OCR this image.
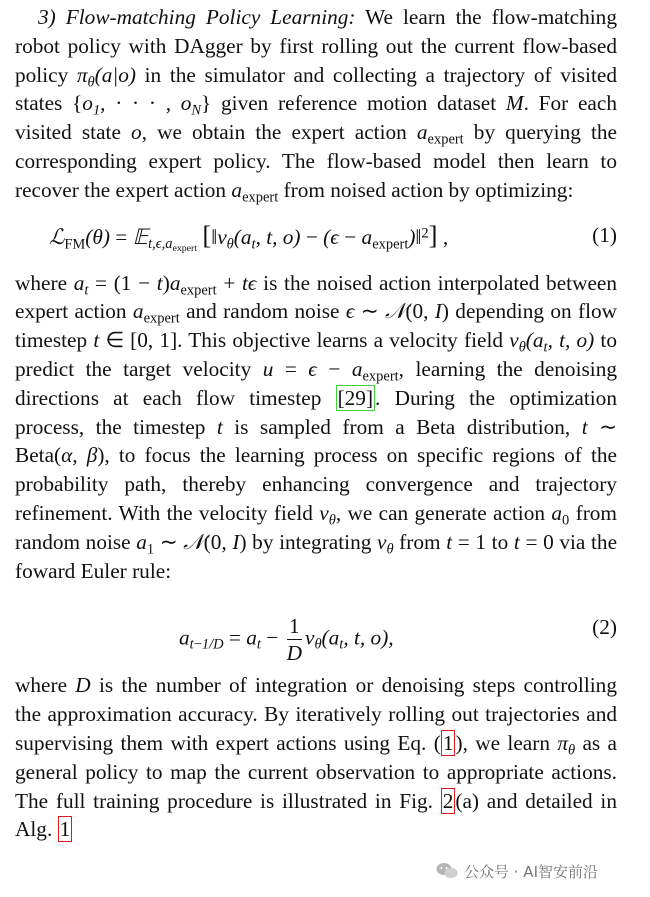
3) Flow-matching Policy Learning: We learn the flow-matching robot policy with DAgger by first rolling out the current flow-based policy $\pi_\theta(a|o)$ in the simulator and collecting a trajectory of visited states {$o_1$, · · · , $o_N$} given reference motion dataset M. For each visited state o, we obtain the expert action $a_{expert}$ by querying the corresponding expert policy. The flow-based model then learn to recover the expert action $a_{expert}$ from noised action by optimizing:

ℒ$_{FM}$(θ) = 𝔼$_{t,\epsilon,a_{expert}}$ [$‖v_\theta(a_t$, t, $o) - (\epsilon - a_{expert})‖^2$] ,	(1)

where $a_t = (1 - t)a_{expert} + t\epsilon$ is the noised action interpolated between expert action $a_{expert}$ and random noise ϵ ∼ 𝒩(0, I) depending on flow timestep t ∈ [0, 1]. This objective learns a velocity field $v_\theta(a_t$, t, o) to predict the target velocity $u = \epsilon - a_{expert}$, learning the denoising directions at each flow timestep [29]. During the optimization process, the timestep t is sampled from a Beta distribution, t ∼ Beta(α, β), to focus the learning process on specific regions of the probability path, thereby enhancing convergence and trajectory refinement. With the velocity field $v_\theta$, we can generate action $a_0$ from random noise $a_1$ ∼ 𝒩(0, I) by integrating $v_\theta$ from t = 1 to t = 0 via the foward Euler rule:

$a_{t-1/D} = a_t - \frac{1}{D} v_\theta(a_t$, t, o),	(2)

where D is the number of integration or denoising steps controlling the approximation accuracy. By iteratively rolling out trajectories and supervising them with expert actions using Eq. (1), we learn $\pi_\theta$ as a general policy to map the current observation to appropriate actions. The full training procedure is illustrated in Fig. 2(a) and detailed in Alg. 1

公众号 · AI智安前沿
